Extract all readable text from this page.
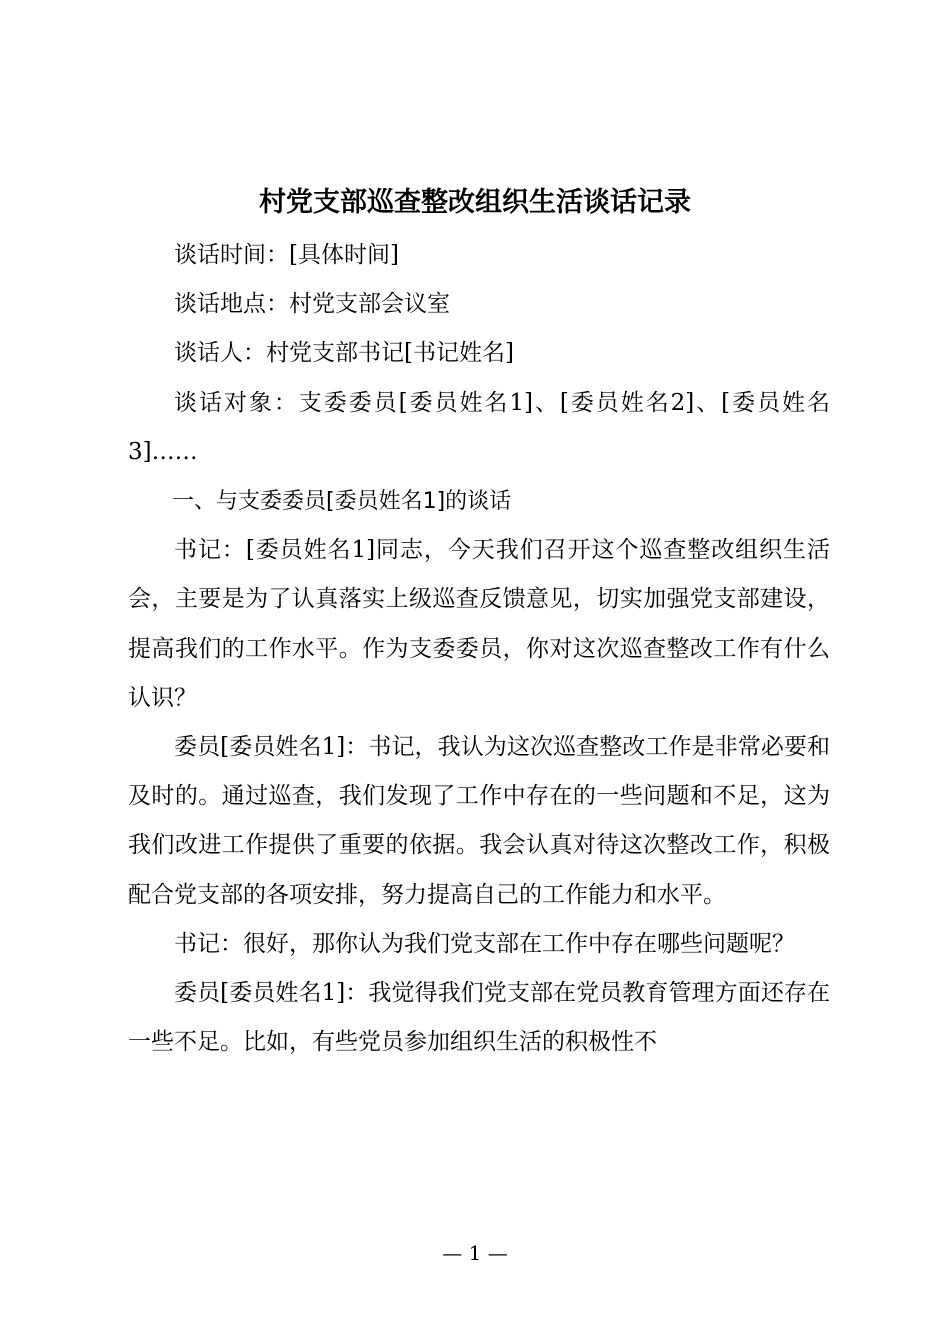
村党支部巡查整改组织生活谈话记录

谈话时间：[具体时间]

谈话地点：村党支部会议室

谈话人：村党支部书记[书记姓名]

谈话对象：支委委员[委员姓名1]、[委员姓名2]、[委员姓名3]……

一、与支委委员[委员姓名1]的谈话

书记：[委员姓名1]同志，今天我们召开这个巡查整改组织生活会，主要是为了认真落实上级巡查反馈意见，切实加强党支部建设，提高我们的工作水平。作为支委委员，你对这次巡查整改工作有什么认识？

委员[委员姓名1]：书记，我认为这次巡查整改工作是非常必要和及时的。通过巡查，我们发现了工作中存在的一些问题和不足，这为我们改进工作提供了重要的依据。我会认真对待这次整改工作，积极配合党支部的各项安排，努力提高自己的工作能力和水平。

书记：很好，那你认为我们党支部在工作中存在哪些问题呢？

委员[委员姓名1]：我觉得我们党支部在党员教育管理方面还存在一些不足。比如，有些党员参加组织生活的积极性不

— 1 —
